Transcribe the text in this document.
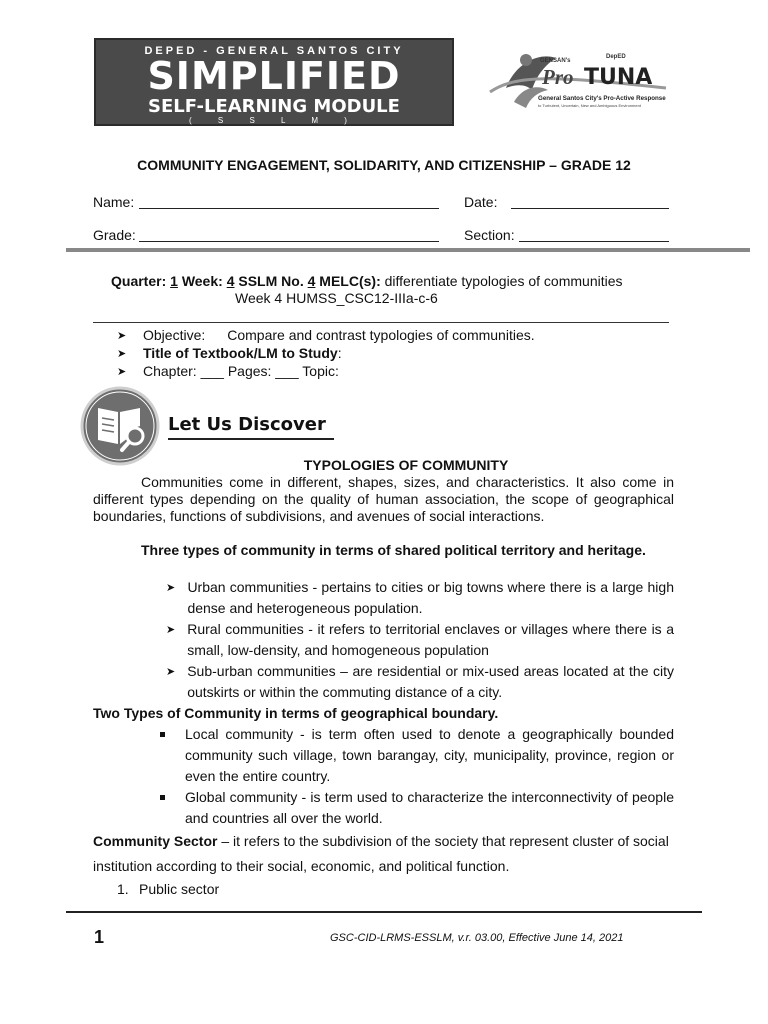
DEPED - GENERAL SANTOS CITY
SIMPLIFIED
SELF-LEARNING MODULE
( S S L M )
GENSAN's
DepED
Pro TUNA
General Santos City's Pro-Active Response
to Turbulent, Uncertain, New and Ambiguous Environment
COMMUNITY ENGAGEMENT, SOLIDARITY, AND CITIZENSHIP – GRADE 12
Name:	Date:
Grade:	Section:
Quarter: 1 Week: 4 SSLM No. 4 MELC(s): differentiate typologies of communities
Week 4 HUMSS_CSC12-IIIa-c-6
➤	Objective: Compare and contrast typologies of communities.
➤	Title of Textbook/LM to Study :
➤	Chapter: ___ Pages: ___ Topic:
Let Us Discover
TYPOLOGIES OF COMMUNITY
Communities come in different, shapes, sizes, and characteristics. It also come in different types depending on the quality of human association, the scope of geographical boundaries, functions of subdivisions, and avenues of social interactions.
Three types of community in terms of shared political territory and heritage.
➤ Urban communities - pertains to cities or big towns where there is a large high dense and heterogeneous population.
➤ Rural communities - it refers to territorial enclaves or villages where there is a small, low-density, and homogeneous population
➤ Sub-urban communities – are residential or mix-used areas located at the city outskirts or within the commuting distance of a city.
Two Types of Community in terms of geographical boundary.
Local community - is term often used to denote a geographically bounded community such village, town barangay, city, municipality, province, region or even the entire country.
Global community - is term used to characterize the interconnectivity of people and countries all over the world.
Community Sector – it refers to the subdivision of the society that represent cluster of social institution according to their social, economic, and political function.
1. Public sector
1	GSC-CID-LRMS-ESSLM, v.r. 03.00, Effective June 14, 2021
